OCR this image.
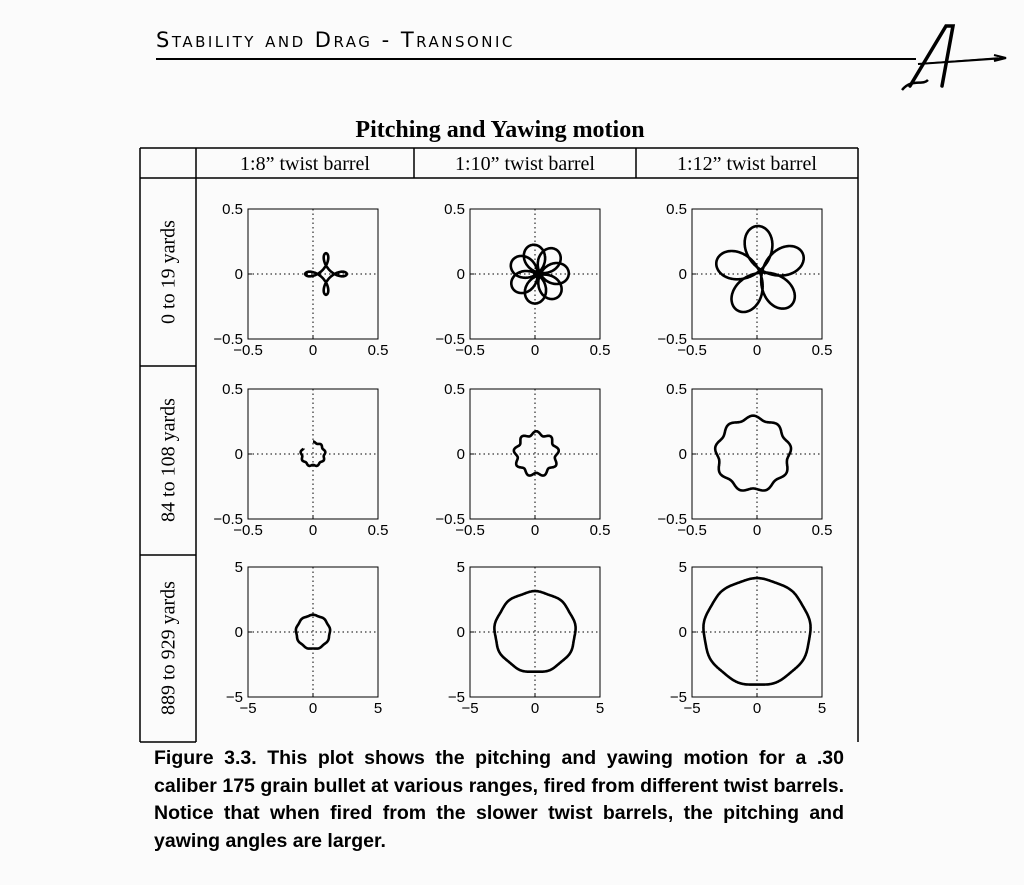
Stability and Drag - Transonic
Pitching and Yawing motion
1:8” twist barrel	1:10” twist barrel	1:12” twist barrel
0 to 19 yards
84 to 108 yards
889 to 929 yards
−0.5	0	0.5
0.5
0
−0.5
−0.5	0	0.5
0.5
0
−0.5
−0.5	0	0.5
0.5
0
−0.5
−0.5	0	0.5
0.5
0
−0.5
−0.5	0	0.5
0.5
0
−0.5
−0.5	0	0.5
0.5
0
−0.5
−5	0	5
5
0
−5
−5	0	5
5
0
−5
−5	0	5
5
0
−5
Figure 3.3. This plot shows the pitching and yawing motion for a .30 caliber 175 grain bullet at various ranges, fired from different twist barrels. Notice that when fired from the slower twist barrels, the pitching and yawing angles are larger.
